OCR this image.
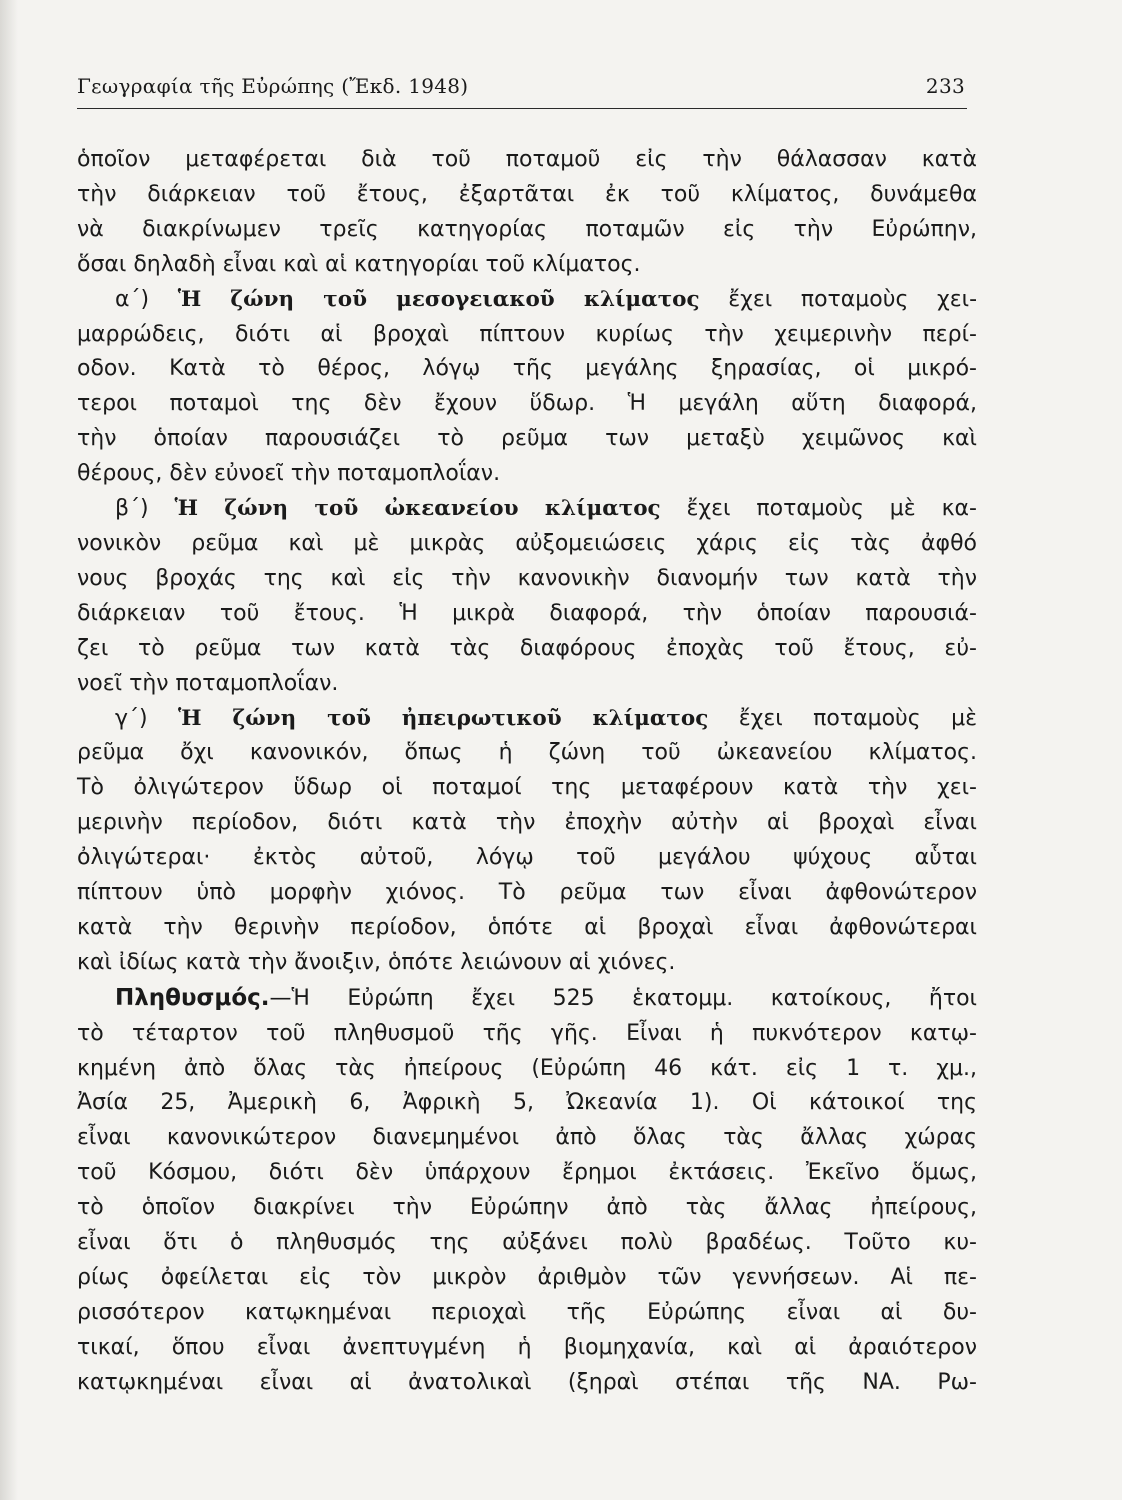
Γεωγραφία τῆς Εὐρώπης (Ἔκδ. 1948)	233
ὁποῖον μεταφέρεται διὰ τοῦ ποταμοῦ εἰς τὴν θάλασσαν κατὰ
τὴν διάρκειαν τοῦ ἔτους, ἐξαρτᾶται ἐκ τοῦ κλίματος, δυνάμεθα
νὰ διακρίνωμεν τρεῖς κατηγορίας ποταμῶν εἰς τὴν Εὐρώπην,
ὅσαι δηλαδὴ εἶναι καὶ αἱ κατηγορίαι τοῦ κλίματος.
α΄) Ἡ ζώνη τοῦ μεσογειακοῦ κλίματος ἔχει ποταμοὺς χει-
μαρρώδεις, διότι αἱ βροχαὶ πίπτουν κυρίως τὴν χειμερινὴν περί-
οδον. Κατὰ τὸ θέρος, λόγῳ τῆς μεγάλης ξηρασίας, οἱ μικρό-
τεροι ποταμοὶ της δὲν ἔχουν ὕδωρ. Ἡ μεγάλη αὕτη διαφορά,
τὴν ὁποίαν παρουσιάζει τὸ ρεῦμα των μεταξὺ χειμῶνος καὶ
θέρους, δὲν εὐνοεῖ τὴν ποταμοπλοΐαν.
β΄) Ἡ ζώνη τοῦ ὠκεανείου κλίματος ἔχει ποταμοὺς μὲ κα-
νονικὸν ρεῦμα καὶ μὲ μικρὰς αὐξομειώσεις χάρις εἰς τὰς ἀφθό
νους βροχάς της καὶ εἰς τὴν κανονικὴν διανομήν των κατὰ τὴν
διάρκειαν τοῦ ἔτους. Ἡ μικρὰ διαφορά, τὴν ὁποίαν παρουσιά-
ζει τὸ ρεῦμα των κατὰ τὰς διαφόρους ἐποχὰς τοῦ ἔτους, εὐ-
νοεῖ τὴν ποταμοπλοΐαν.
γ΄) Ἡ ζώνη τοῦ ἠπειρωτικοῦ κλίματος ἔχει ποταμοὺς μὲ
ρεῦμα ὄχι κανονικόν, ὅπως ἡ ζώνη τοῦ ὠκεανείου κλίματος.
Τὸ ὀλιγώτερον ὕδωρ οἱ ποταμοί της μεταφέρουν κατὰ τὴν χει-
μερινὴν περίοδον, διότι κατὰ τὴν ἐποχὴν αὐτὴν αἱ βροχαὶ εἶναι
ὀλιγώτεραι· ἐκτὸς αὐτοῦ, λόγῳ τοῦ μεγάλου ψύχους αὗται
πίπτουν ὑπὸ μορφὴν χιόνος. Τὸ ρεῦμα των εἶναι ἀφθονώτερον
κατὰ τὴν θερινὴν περίοδον, ὁπότε αἱ βροχαὶ εἶναι ἀφθονώτεραι
καὶ ἰδίως κατὰ τὴν ἄνοιξιν, ὁπότε λειώνουν αἱ χιόνες.
Πληθυσμός.—Ἡ Εὐρώπη ἔχει 525 ἑκατομμ. κατοίκους, ἤτοι
τὸ τέταρτον τοῦ πληθυσμοῦ τῆς γῆς. Εἶναι ἡ πυκνότερον κατῳ-
κημένη ἀπὸ ὅλας τὰς ἠπείρους (Εὐρώπη 46 κάτ. εἰς 1 τ. χμ.,
Ἀσία 25, Ἀμερικὴ 6, Ἀφρικὴ 5, Ὠκεανία 1). Οἱ κάτοικοί της
εἶναι κανονικώτερον διανεμημένοι ἀπὸ ὅλας τὰς ἄλλας χώρας
τοῦ Κόσμου, διότι δὲν ὑπάρχουν ἔρημοι ἐκτάσεις. Ἐκεῖνο ὅμως,
τὸ ὁποῖον διακρίνει τὴν Εὐρώπην ἀπὸ τὰς ἄλλας ἠπείρους,
εἶναι ὅτι ὁ πληθυσμός της αὐξάνει πολὺ βραδέως. Τοῦτο κυ-
ρίως ὀφείλεται εἰς τὸν μικρὸν ἀριθμὸν τῶν γεννήσεων. Αἱ πε-
ρισσότερον κατῳκημέναι περιοχαὶ τῆς Εὐρώπης εἶναι αἱ δυ-
τικαί, ὅπου εἶναι ἀνεπτυγμένη ἡ βιομηχανία, καὶ αἱ ἀραιότερον
κατῳκημέναι εἶναι αἱ ἀνατολικαὶ (ξηραὶ στέπαι τῆς ΝΑ. Ρω-
